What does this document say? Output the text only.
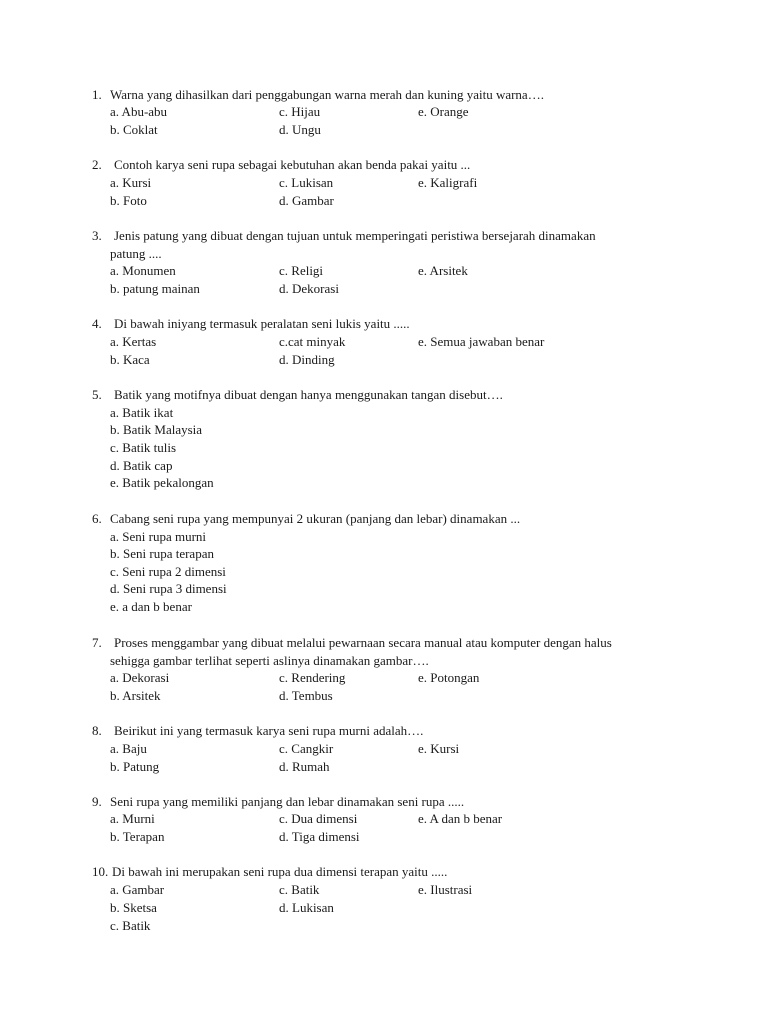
1. Warna yang dihasilkan dari penggabungan warna merah dan kuning yaitu warna….
a. Abu-abu	c. Hijau	e. Orange
b. Coklat	d. Ungu
2. Contoh karya seni rupa sebagai kebutuhan akan benda pakai yaitu ...
a. Kursi	c. Lukisan	e. Kaligrafi
b. Foto	d. Gambar
3. Jenis patung yang dibuat dengan tujuan untuk memperingati peristiwa bersejarah dinamakan
patung ....
a. Monumen	c. Religi	e. Arsitek
b. patung mainan	d. Dekorasi
4. Di bawah iniyang termasuk peralatan seni lukis yaitu .....
a. Kertas	c.cat minyak	e. Semua jawaban benar
b. Kaca	d. Dinding
5. Batik yang motifnya dibuat dengan hanya menggunakan tangan disebut….
a. Batik ikat
b. Batik Malaysia
c. Batik tulis
d. Batik cap
e. Batik pekalongan
6. Cabang seni rupa yang mempunyai 2 ukuran (panjang dan lebar) dinamakan ...
a. Seni rupa murni
b. Seni rupa terapan
c. Seni rupa 2 dimensi
d. Seni rupa 3 dimensi
e. a dan b benar
7. Proses menggambar yang dibuat melalui pewarnaan secara manual atau komputer dengan halus
sehigga gambar terlihat seperti aslinya dinamakan gambar….
a. Dekorasi	c. Rendering	e. Potongan
b. Arsitek	d. Tembus
8. Beirikut ini yang termasuk karya seni rupa murni adalah….
a. Baju	c. Cangkir	e. Kursi
b. Patung	d. Rumah
9. Seni rupa yang memiliki panjang dan lebar dinamakan seni rupa .....
a. Murni	c. Dua dimensi	e. A dan b benar
b. Terapan	d. Tiga dimensi
10. Di bawah ini merupakan seni rupa dua dimensi terapan yaitu .....
a. Gambar	c. Batik	e. Ilustrasi
b. Sketsa	d. Lukisan
c. Batik
